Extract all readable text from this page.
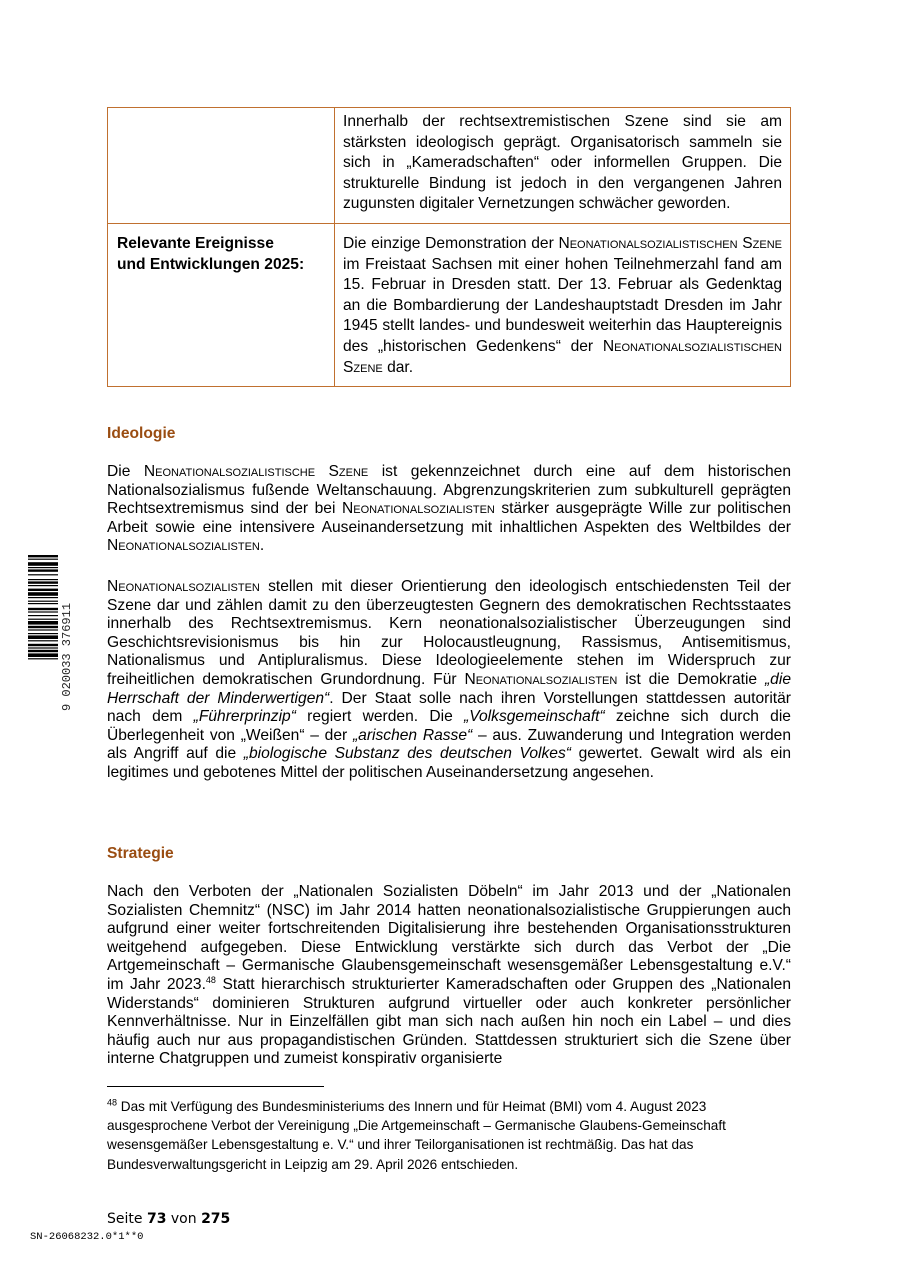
	Innerhalb der rechtsextremistischen Szene sind sie am stärksten ideologisch geprägt. Organisatorisch sammeln sie sich in „Kameradschaften“ oder informellen Gruppen. Die strukturelle Bindung ist jedoch in den vergangenen Jahren zugunsten digitaler Vernetzungen schwächer geworden.
Relevante Ereignisse
und Entwicklungen 2025:	Die einzige Demonstration der Neonationalsozialistischen Szene im Freistaat Sachsen mit einer hohen Teilnehmerzahl fand am 15. Februar in Dresden statt. Der 13. Februar als Gedenktag an die Bombardierung der Landeshauptstadt Dresden im Jahr 1945 stellt landes- und bundesweit weiterhin das Hauptereignis des „historischen Gedenkens“ der Neonationalsozialistischen Szene dar.
Ideologie

Die Neonationalsozialistische Szene ist gekennzeichnet durch eine auf dem historischen Nationalsozialismus fußende Weltanschauung. Abgrenzungskriterien zum subkulturell geprägten Rechtsextremismus sind der bei Neonationalsozialisten stärker ausgeprägte Wille zur politischen Arbeit sowie eine intensivere Auseinandersetzung mit inhaltlichen Aspekten des Weltbildes der Neonationalsozialisten.

Neonationalsozialisten stellen mit dieser Orientierung den ideologisch entschiedensten Teil der Szene dar und zählen damit zu den überzeugtesten Gegnern des demokratischen Rechtsstaates innerhalb des Rechtsextremismus. Kern neonationalsozialistischer Überzeugungen sind Geschichtsrevisionismus bis hin zur Holocaustleugnung, Rassismus, Antisemitismus, Nationalismus und Antipluralismus. Diese Ideologieelemente stehen im Widerspruch zur freiheitlichen demokratischen Grundordnung. Für Neonationalsozialisten ist die Demokratie „die Herrschaft der Minderwertigen“. Der Staat solle nach ihren Vorstellungen stattdessen autoritär nach dem „Führerprinzip“ regiert werden. Die „Volksgemeinschaft“ zeichne sich durch die Überlegenheit von „Weißen“ – der „arischen Rasse“ – aus. Zuwanderung und Integration werden als Angriff auf die „biologische Substanz des deutschen Volkes“ gewertet. Gewalt wird als ein legitimes und gebotenes Mittel der politischen Auseinandersetzung angesehen.

Strategie

Nach den Verboten der „Nationalen Sozialisten Döbeln“ im Jahr 2013 und der „Nationalen Sozialisten Chemnitz“ (NSC) im Jahr 2014 hatten neonationalsozialistische Gruppierungen auch aufgrund einer weiter fortschreitenden Digitalisierung ihre bestehenden Organisationsstrukturen weitgehend aufgegeben. Diese Entwicklung verstärkte sich durch das Verbot der „Die Artgemeinschaft – Germanische Glaubensgemeinschaft wesensgemäßer Lebensgestaltung e.V.“ im Jahr 2023.48 Statt hierarchisch strukturierter Kameradschaften oder Gruppen des „Nationalen Widerstands“ dominieren Strukturen aufgrund virtueller oder auch konkreter persönlicher Kennverhältnisse. Nur in Einzelfällen gibt man sich nach außen hin noch ein Label – und dies häufig auch nur aus propagandistischen Gründen. Stattdessen strukturiert sich die Szene über interne Chatgruppen und zumeist konspirativ organisierte

$^{48}$ Das mit Verfügung des Bundesministeriums des Innern und für Heimat (BMI) vom 4. August 2023 ausgesprochene Verbot der Vereinigung „Die Artgemeinschaft – Germanische Glaubens-Gemeinschaft wesensgemäßer Lebensgestaltung e. V.“ und ihrer Teilorganisationen ist rechtmäßig. Das hat das Bundesverwaltungsgericht in Leipzig am 29. April 2026 entschieden.

Seite 73 von 275
SN-26068232.0*1**0
9 020033 376911
